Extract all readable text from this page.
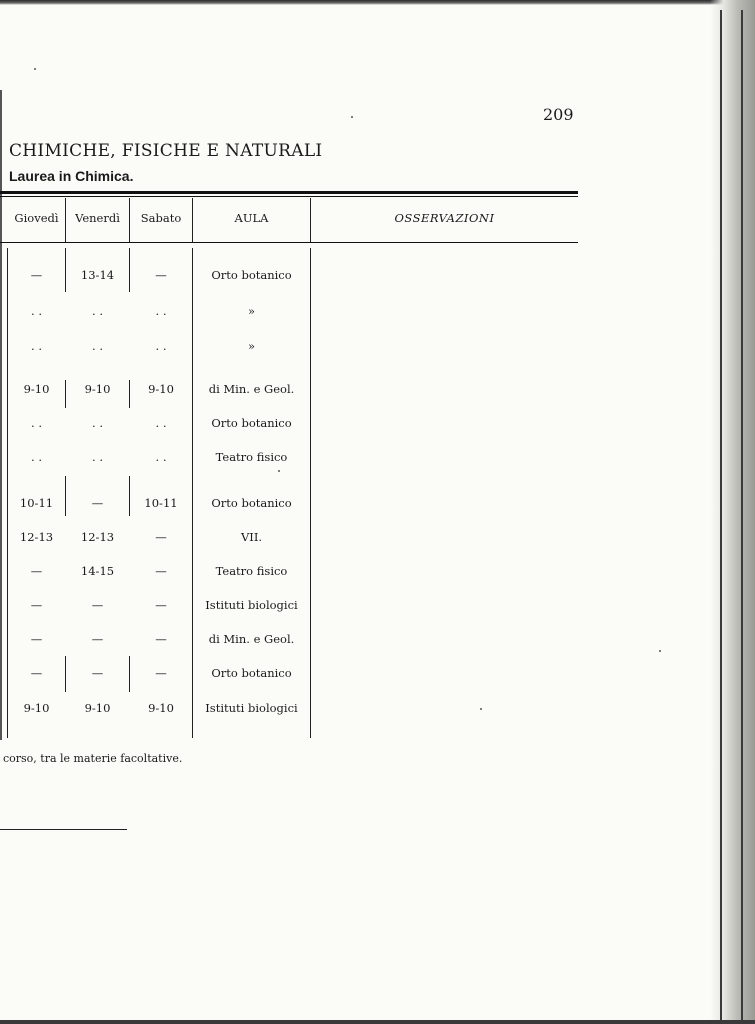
209
CHIMICHE, FISICHE E NATURALI
Laurea in Chimica.
Giovedì	Venerdì	Sabato	AULA	OSSERVAZIONI
—	13-14	—	Orto botanico
. .	. .	. .	»
. .	. .	. .	»
9-10	9-10	9-10	di Min. e Geol.
. .	. .	. .	Orto botanico
. .	. .	. .	Teatro fisico
10-11	—	10-11	Orto botanico
12-13	12-13	—	VII.
—	14-15	—	Teatro fisico
—	—	—	Istituti biologici
—	—	—	di Min. e Geol.
—	—	—	Orto botanico
9-10	9-10	9-10	Istituti biologici
corso, tra le materie facoltative.
